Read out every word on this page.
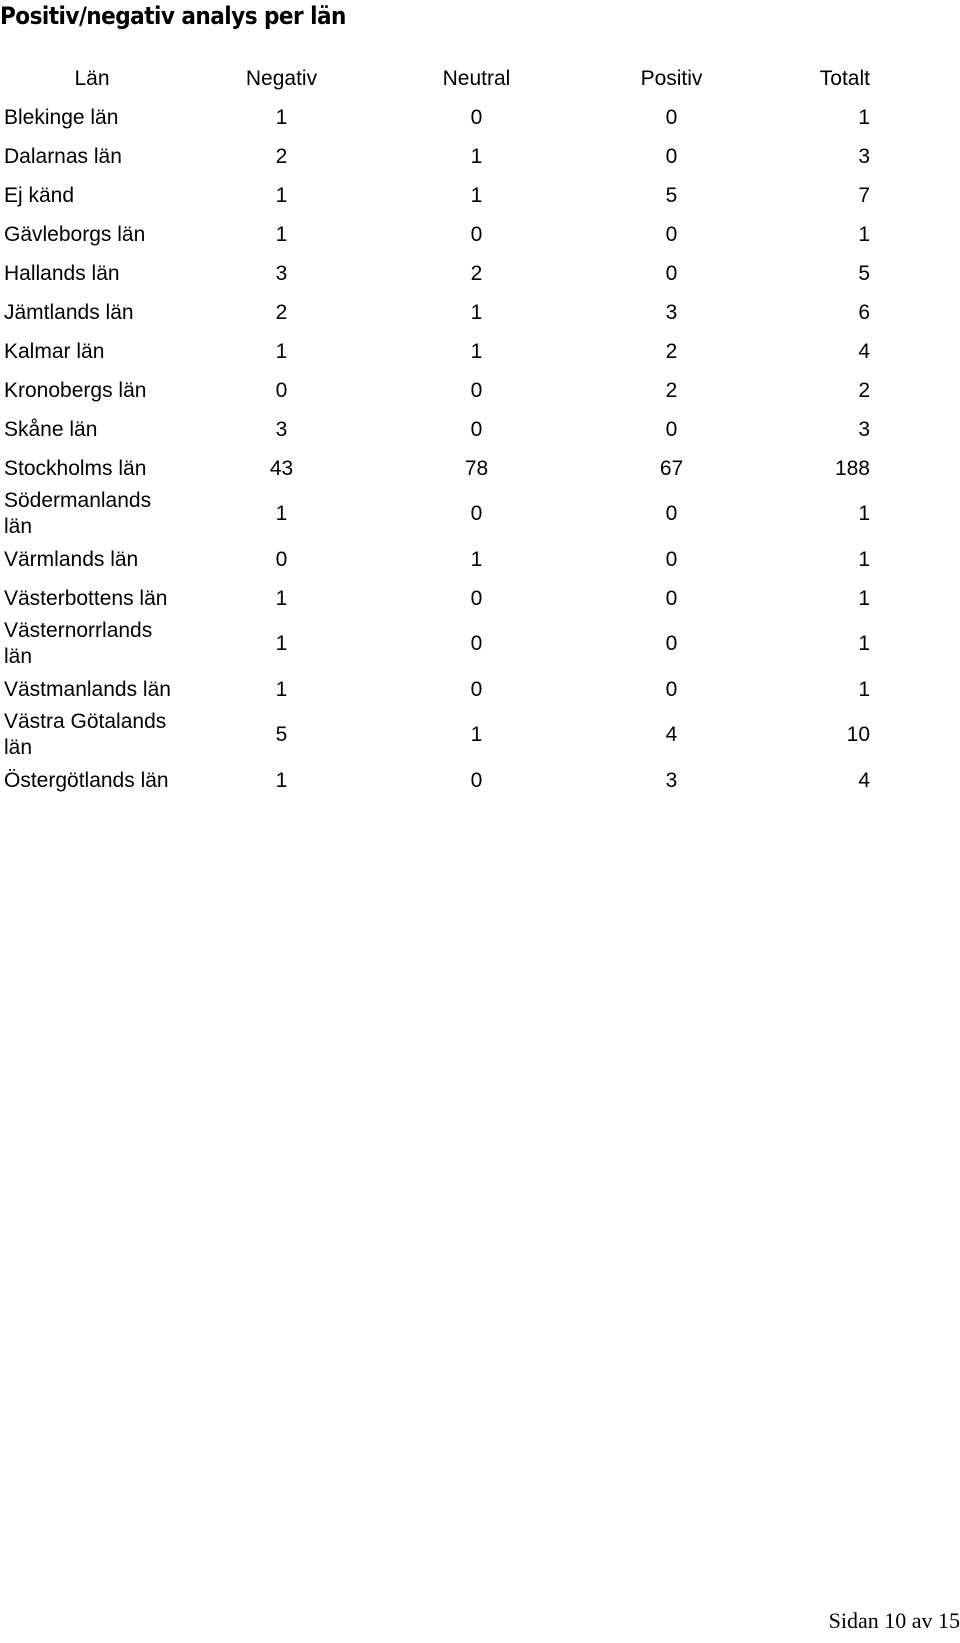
Positiv/negativ analys per län
Län	Negativ	Neutral	Positiv	Totalt
Blekinge län	1	0	0	1
Dalarnas län	2	1	0	3
Ej känd	1	1	5	7
Gävleborgs län	1	0	0	1
Hallands län	3	2	0	5
Jämtlands län	2	1	3	6
Kalmar län	1	1	2	4
Kronobergs län	0	0	2	2
Skåne län	3	0	0	3
Stockholms län	43	78	67	188
Södermanlands län	1	0	0	1
Värmlands län	0	1	0	1
Västerbottens län	1	0	0	1
Västernorrlands län	1	0	0	1
Västmanlands län	1	0	0	1
Västra Götalands län	5	1	4	10
Östergötlands län	1	0	3	4
Sidan 10 av 15
